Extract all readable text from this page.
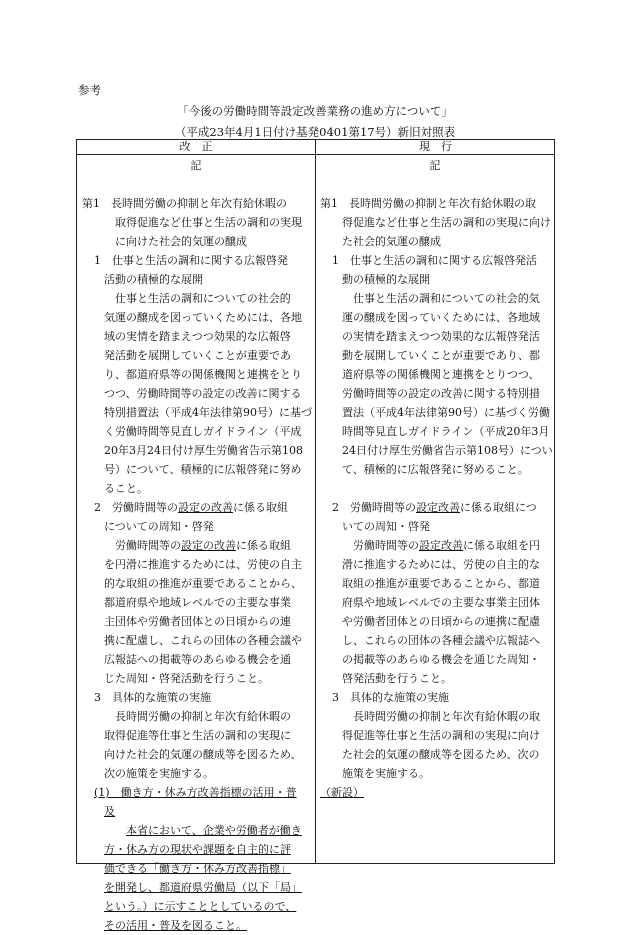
参考
「今後の労働時間等設定改善業務の進め方について」
（平成23年4月1日付け基発0401第17号）新旧対照表
改　正	現　行
記
第1　長時間労働の抑制と年次有給休暇の
取得促進など仕事と生活の調和の実現
に向けた社会的気運の醸成
1　仕事と生活の調和に関する広報啓発
活動の積極的な展開
仕事と生活の調和についての社会的
気運の醸成を図っていくためには、各地
域の実情を踏まえつつ効果的な広報啓
発活動を展開していくことが重要であ
り、都道府県等の関係機関と連携をとり
つつ、労働時間等の設定の改善に関する
特別措置法（平成4年法律第90号）に基づ
く労働時間等見直しガイドライン（平成
20年3月24日付け厚生労働省告示第108
号）について、積極的に広報啓発に努め
ること。
2　労働時間等の設定の改善に係る取組
についての周知・啓発
労働時間等の設定の改善に係る取組
を円滑に推進するためには、労使の自主
的な取組の推進が重要であることから、
都道府県や地域レベルでの主要な事業
主団体や労働者団体との日頃からの連
携に配慮し、これらの団体の各種会議や
広報誌への掲載等のあらゆる機会を通
じた周知・啓発活動を行うこと。
3　具体的な施策の実施
長時間労働の抑制と年次有給休暇の
取得促進等仕事と生活の調和の実現に
向けた社会的気運の醸成等を図るため、
次の施策を実施する。
(1)　働き方・休み方改善指標の活用・普
及
本省において、企業や労働者が働き
方・休み方の現状や課題を自主的に評
価できる「働き方・休み方改善指標」
を開発し、都道府県労働局（以下「局」
という。）に示すこととしているので、
その活用・普及を図ること。
記
第1　長時間労働の抑制と年次有給休暇の取
得促進など仕事と生活の調和の実現に向け
た社会的気運の醸成
1　仕事と生活の調和に関する広報啓発活
動の積極的な展開
仕事と生活の調和についての社会的気
運の醸成を図っていくためには、各地域
の実情を踏まえつつ効果的な広報啓発活
動を展開していくことが重要であり、都
道府県等の関係機関と連携をとりつつ、
労働時間等の設定の改善に関する特別措
置法（平成4年法律第90号）に基づく労働
時間等見直しガイドライン（平成20年3月
24日付け厚生労働省告示第108号）につい
て、積極的に広報啓発に努めること。
2　労働時間等の設定改善に係る取組につ
いての周知・啓発
労働時間等の設定改善に係る取組を円
滑に推進するためには、労使の自主的な
取組の推進が重要であることから、都道
府県や地域レベルでの主要な事業主団体
や労働者団体との日頃からの連携に配慮
し、これらの団体の各種会議や広報誌へ
の掲載等のあらゆる機会を通じた周知・
啓発活動を行うこと。
3　具体的な施策の実施
長時間労働の抑制と年次有給休暇の取
得促進等仕事と生活の調和の実現に向け
た社会的気運の醸成等を図るため、次の
施策を実施する。
（新設）
